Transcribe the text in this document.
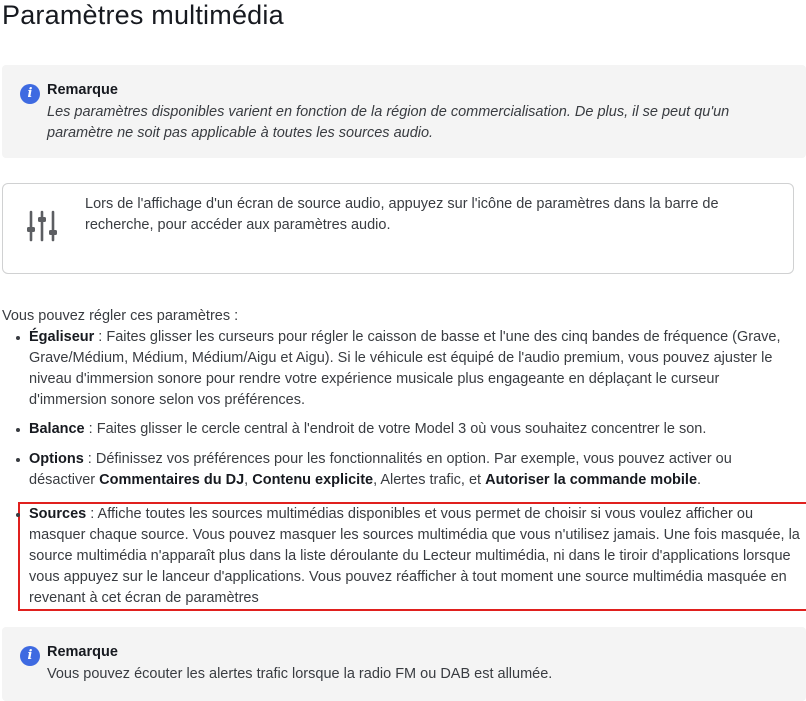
Paramètres multimédia
i	Remarque
Les paramètres disponibles varient en fonction de la région de commercialisation. De plus, il se peut qu'un paramètre ne soit pas applicable à toutes les sources audio.
Lors de l'affichage d'un écran de source audio, appuyez sur l'icône de paramètres dans la barre de recherche, pour accéder aux paramètres audio.
Vous pouvez régler ces paramètres :
Égaliseur : Faites glisser les curseurs pour régler le caisson de basse et l'une des cinq bandes de fréquence (Grave, Grave/Médium, Médium, Médium/Aigu et Aigu). Si le véhicule est équipé de l'audio premium, vous pouvez ajuster le niveau d'immersion sonore pour rendre votre expérience musicale plus engageante en déplaçant le curseur d'immersion sonore selon vos préférences.
Balance : Faites glisser le cercle central à l'endroit de votre Model 3 où vous souhaitez concentrer le son.
Options : Définissez vos préférences pour les fonctionnalités en option. Par exemple, vous pouvez activer ou désactiver Commentaires du DJ, Contenu explicite, Alertes trafic, et Autoriser la commande mobile.
Sources : Affiche toutes les sources multimédias disponibles et vous permet de choisir si vous voulez afficher ou masquer chaque source. Vous pouvez masquer les sources multimédia que vous n'utilisez jamais. Une fois masquée, la source multimédia n'apparaît plus dans la liste déroulante du Lecteur multimédia, ni dans le tiroir d'applications lorsque vous appuyez sur le lanceur d'applications. Vous pouvez réafficher à tout moment une source multimédia masquée en revenant à cet écran de paramètres
i	Remarque
Vous pouvez écouter les alertes trafic lorsque la radio FM ou DAB est allumée.
